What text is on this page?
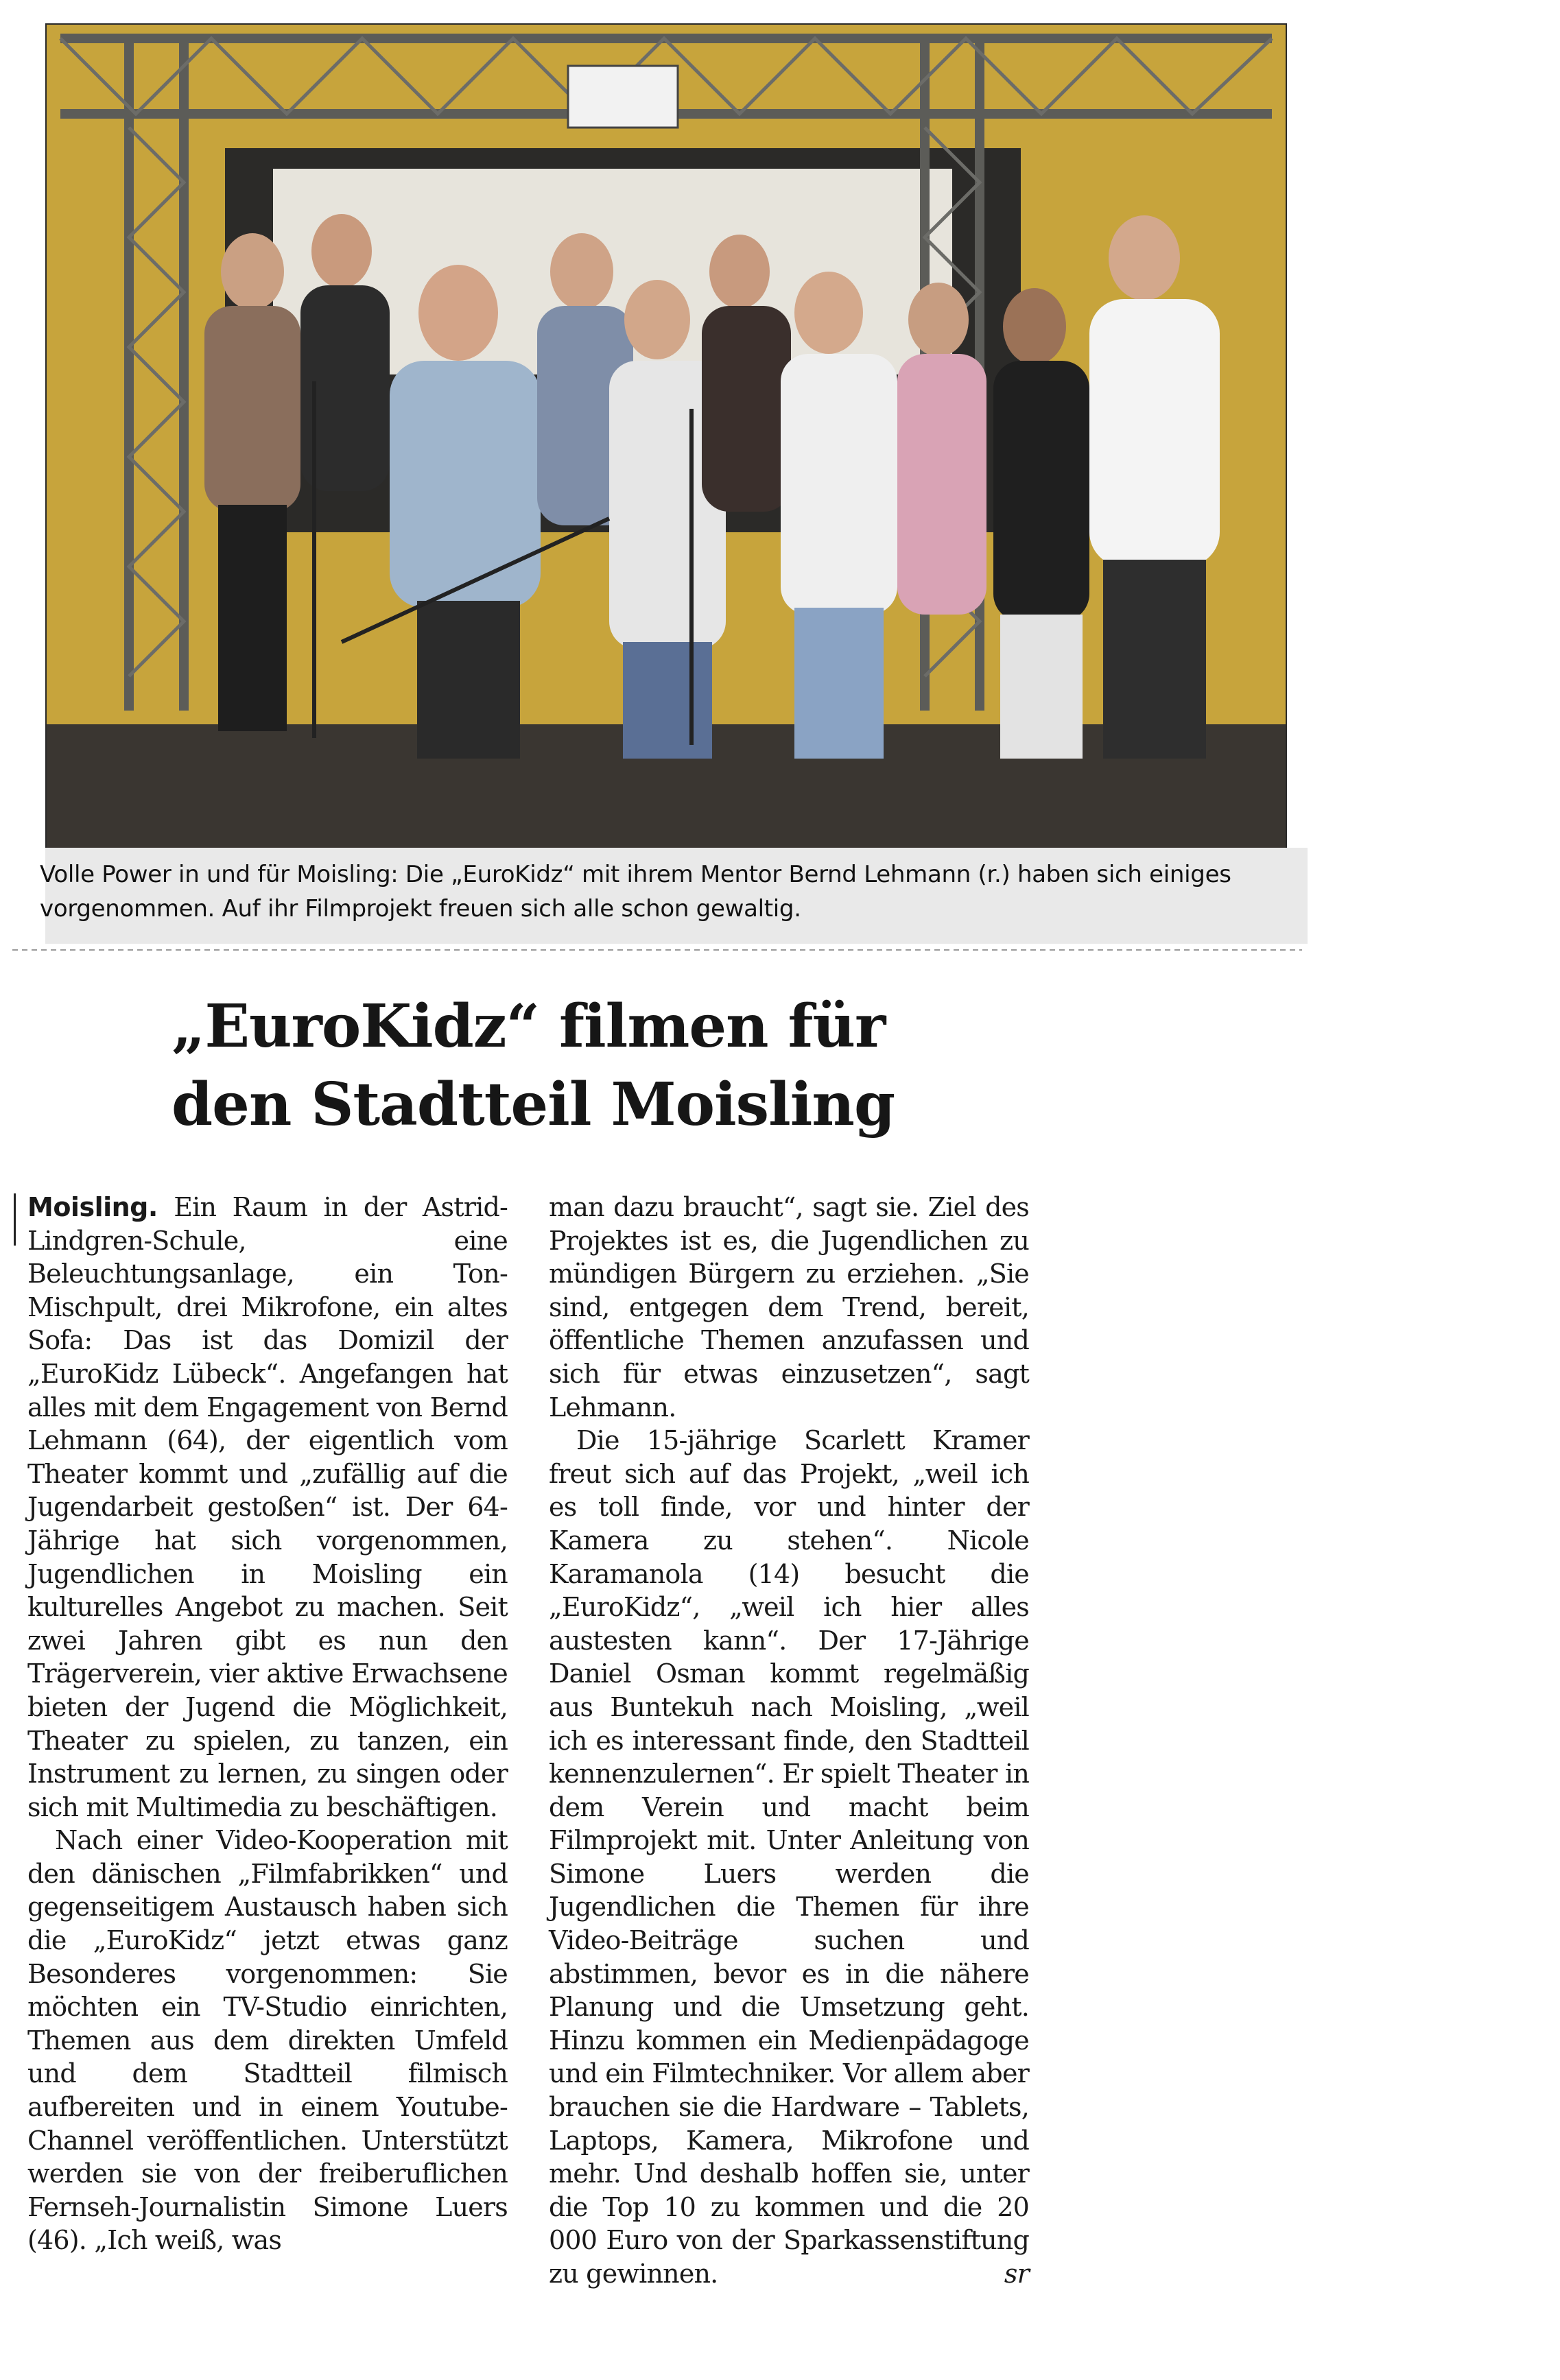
Volle Power in und für Moisling: Die „EuroKidz“ mit ihrem Mentor Bernd Lehmann (r.) haben sich einiges vorgenommen. Auf ihr Filmprojekt freuen sich alle schon gewaltig.
„EuroKidz“ filmen für den Stadtteil Moisling

Moisling. Ein Raum in der Astrid-Lindgren-Schule, eine Beleuchtungsanlage, ein Ton-Mischpult, drei Mikrofone, ein altes Sofa: Das ist das Domizil der „EuroKidz Lübeck“. Angefangen hat alles mit dem Engagement von Bernd Lehmann (64), der eigentlich vom Theater kommt und „zufällig auf die Jugendarbeit gestoßen“ ist. Der 64-Jährige hat sich vorgenommen, Jugendlichen in Moisling ein kulturelles Angebot zu machen. Seit zwei Jahren gibt es nun den Trägerverein, vier aktive Erwachsene bieten der Jugend die Möglichkeit, Theater zu spielen, zu tanzen, ein Instrument zu lernen, zu singen oder sich mit Multimedia zu beschäftigen.

Nach einer Video-Kooperation mit den dänischen „Filmfabrikken“ und gegenseitigem Austausch haben sich die „EuroKidz“ jetzt etwas ganz Besonderes vorgenommen: Sie möchten ein TV-Studio einrichten, Themen aus dem direkten Umfeld und dem Stadtteil filmisch aufbereiten und in einem Youtube-Channel veröffentlichen. Unterstützt werden sie von der freiberuflichen Fernseh-Journalistin Simone Luers (46). „Ich weiß, was

man dazu braucht“, sagt sie. Ziel des Projektes ist es, die Jugendlichen zu mündigen Bürgern zu erziehen. „Sie sind, entgegen dem Trend, bereit, öffentliche Themen anzufassen und sich für etwas einzusetzen“, sagt Lehmann.

Die 15-jährige Scarlett Kramer freut sich auf das Projekt, „weil ich es toll finde, vor und hinter der Kamera zu stehen“. Nicole Karamanola (14) besucht die „EuroKidz“, „weil ich hier alles austesten kann“. Der 17-Jährige Daniel Osman kommt regelmäßig aus Buntekuh nach Moisling, „weil ich es interessant finde, den Stadtteil kennenzulernen“. Er spielt Theater in dem Verein und macht beim Filmprojekt mit. Unter Anleitung von Simone Luers werden die Jugendlichen die Themen für ihre Video-Beiträge suchen und abstimmen, bevor es in die nähere Planung und die Umsetzung geht. Hinzu kommen ein Medienpädagoge und ein Filmtechniker. Vor allem aber brauchen sie die Hardware – Tablets, Laptops, Kamera, Mikrofone und mehr. Und deshalb hoffen sie, unter die Top 10 zu kommen und die 20 000 Euro von der Sparkassenstiftung zu gewinnen.	sr
